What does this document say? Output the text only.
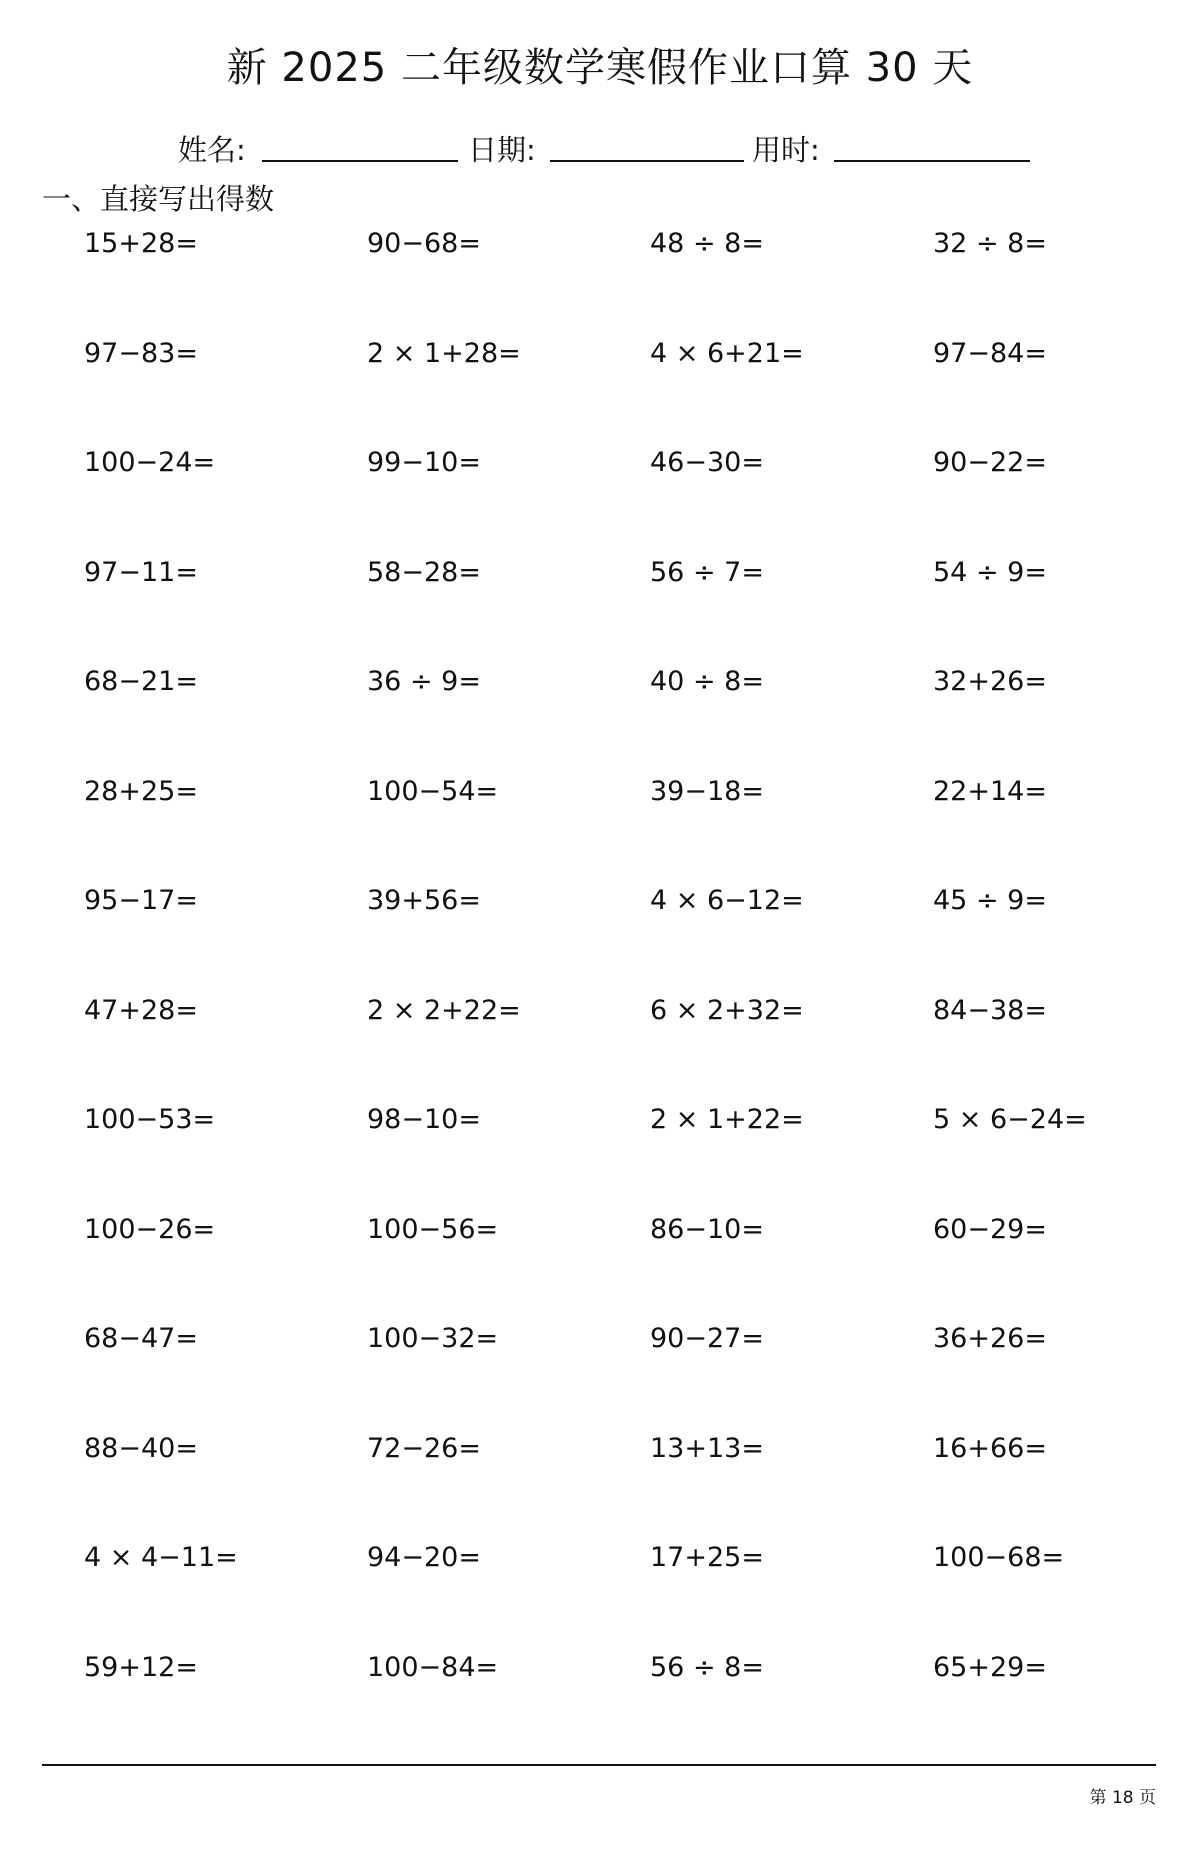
新 2025 二年级数学寒假作业口算 30 天
姓名:	日期:	用时:
一、直接写出得数
15+28=	90−68=	48 ÷ 8=	32 ÷ 8=
97−83=	2 × 1+28=	4 × 6+21=	97−84=
100−24=	99−10=	46−30=	90−22=
97−11=	58−28=	56 ÷ 7=	54 ÷ 9=
68−21=	36 ÷ 9=	40 ÷ 8=	32+26=
28+25=	100−54=	39−18=	22+14=
95−17=	39+56=	4 × 6−12=	45 ÷ 9=
47+28=	2 × 2+22=	6 × 2+32=	84−38=
100−53=	98−10=	2 × 1+22=	5 × 6−24=
100−26=	100−56=	86−10=	60−29=
68−47=	100−32=	90−27=	36+26=
88−40=	72−26=	13+13=	16+66=
4 × 4−11=	94−20=	17+25=	100−68=
59+12=	100−84=	56 ÷ 8=	65+29=
第 18 页
